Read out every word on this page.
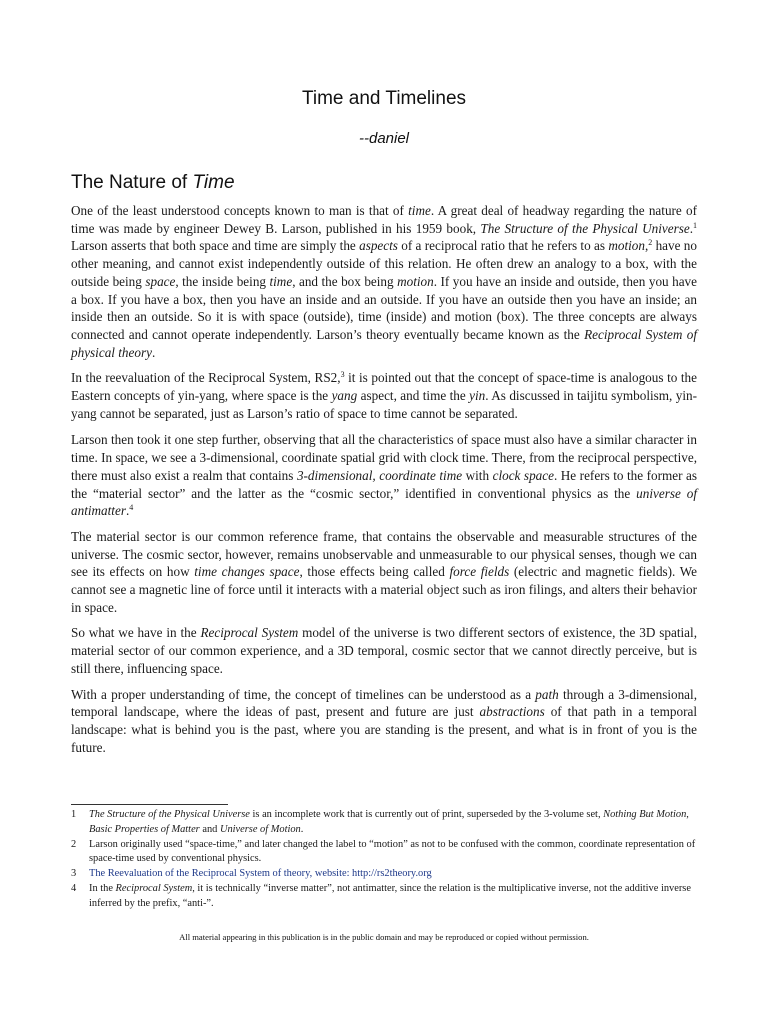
Time and Timelines
--daniel
The Nature of Time

One of the least understood concepts known to man is that of time. A great deal of headway regarding the nature of time was made by engineer Dewey B. Larson, published in his 1959 book, The Structure of the Physical Universe.$^1$ Larson asserts that both space and time are simply the aspects of a reciprocal ratio that he refers to as motion,$^2$ have no other meaning, and cannot exist independently outside of this relation. He often drew an analogy to a box, with the outside being space, the inside being time, and the box being motion. If you have an inside and outside, then you have a box. If you have a box, then you have an inside and an outside. If you have an outside then you have an inside; an inside then an outside. So it is with space (outside), time (inside) and motion (box). The three concepts are always connected and cannot operate independently. Larson’s theory eventually became known as the Reciprocal System of physical theory.

In the reevaluation of the Reciprocal System, RS2,$^3$ it is pointed out that the concept of space-time is analogous to the Eastern concepts of yin-yang, where space is the yang aspect, and time the yin. As discussed in taijitu symbolism, yin-yang cannot be separated, just as Larson’s ratio of space to time cannot be separated.

Larson then took it one step further, observing that all the characteristics of space must also have a similar character in time. In space, we see a 3-dimensional, coordinate spatial grid with clock time. There, from the reciprocal perspective, there must also exist a realm that contains 3-dimensional, coordinate time with clock space. He refers to the former as the “material sector” and the latter as the “cosmic sector,” identified in conventional physics as the universe of antimatter.$^4$

The material sector is our common reference frame, that contains the observable and measurable structures of the universe. The cosmic sector, however, remains unobservable and unmeasurable to our physical senses, though we can see its effects on how time changes space, those effects being called force fields (electric and magnetic fields). We cannot see a magnetic line of force until it interacts with a material object such as iron filings, and alters their behavior in space.

So what we have in the Reciprocal System model of the universe is two different sectors of existence, the 3D spatial, material sector of our common experience, and a 3D temporal, cosmic sector that we cannot directly perceive, but is still there, influencing space.

With a proper understanding of time, the concept of timelines can be understood as a path through a 3-dimensional, temporal landscape, where the ideas of past, present and future are just abstractions of that path in a temporal landscape: what is behind you is the past, where you are standing is the present, and what is in front of you is the future.

1	The Structure of the Physical Universe is an incomplete work that is currently out of print, superseded by the 3-volume set, Nothing But Motion, Basic Properties of Matter and Universe of Motion.
2	Larson originally used “space-time,” and later changed the label to “motion” as not to be confused with the common, coordinate representation of space-time used by conventional physics.
3	The Reevaluation of the Reciprocal System of theory, website: http://rs2theory.org
4	In the Reciprocal System, it is technically “inverse matter”, not antimatter, since the relation is the multiplicative inverse, not the additive inverse inferred by the prefix, “anti-”.
All material appearing in this publication is in the public domain and may be reproduced or copied without permission.
